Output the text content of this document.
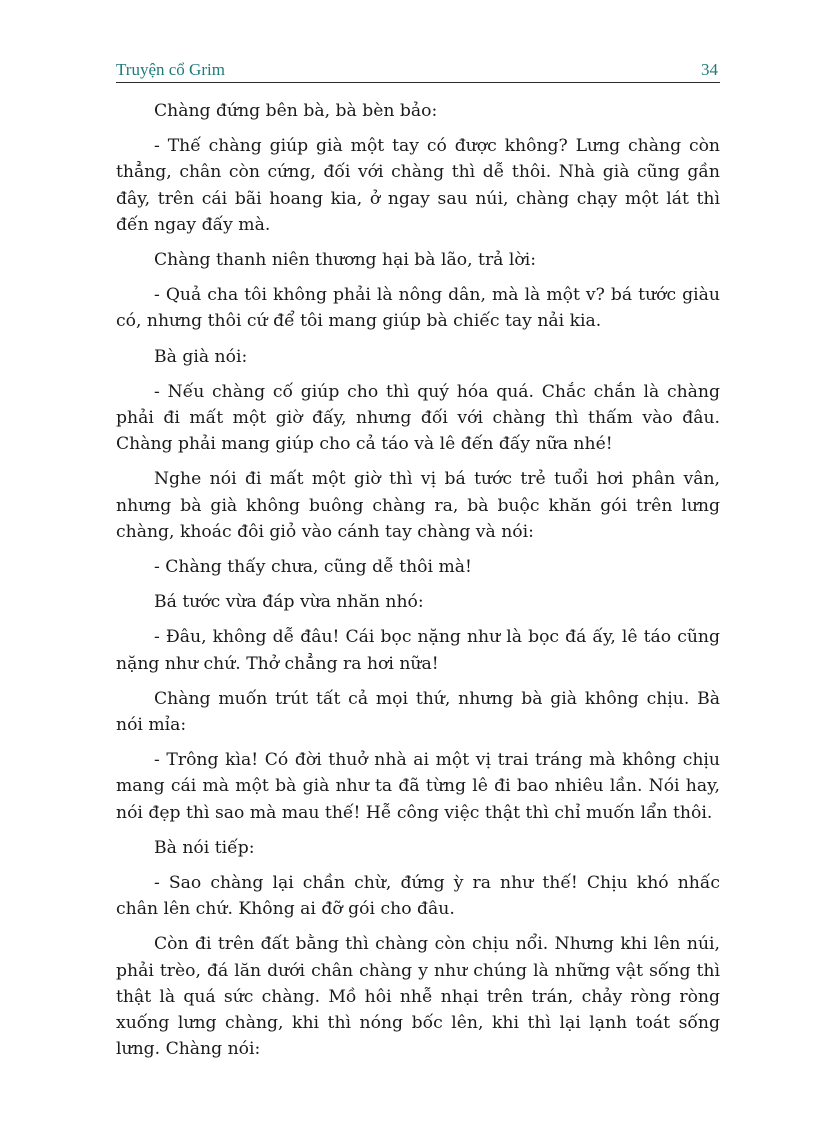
Truyện cổ Grim	34

Chàng đứng bên bà, bà bèn bảo:

- Thế chàng giúp già một tay có được không? Lưng chàng còn thẳng, chân còn cứng, đối với chàng thì dễ thôi. Nhà già cũng gần đây, trên cái bãi hoang kia, ở ngay sau núi, chàng chạy một lát thì đến ngay đấy mà.

Chàng thanh niên thương hại bà lão, trả lời:

- Quả cha tôi không phải là nông dân, mà là một v? bá tước giàu có, nhưng thôi cứ để tôi mang giúp bà chiếc tay nải kia.

Bà già nói:

- Nếu chàng cố giúp cho thì quý hóa quá. Chắc chắn là chàng phải đi mất một giờ đấy, nhưng đối với chàng thì thấm vào đâu. Chàng phải mang giúp cho cả táo và lê đến đấy nữa nhé!

Nghe nói đi mất một giờ thì vị bá tước trẻ tuổi hơi phân vân, nhưng bà già không buông chàng ra, bà buộc khăn gói trên lưng chàng, khoác đôi giỏ vào cánh tay chàng và nói:

- Chàng thấy chưa, cũng dễ thôi mà!

Bá tước vừa đáp vừa nhăn nhó:

- Đâu, không dễ đâu! Cái bọc nặng như là bọc đá ấy, lê táo cũng nặng như chứ. Thở chẳng ra hơi nữa!

Chàng muốn trút tất cả mọi thứ, nhưng bà già không chịu. Bà nói mỉa:

- Trông kìa! Có đời thuở nhà ai một vị trai tráng mà không chịu mang cái mà một bà già như ta đã từng lê đi bao nhiêu lần. Nói hay, nói đẹp thì sao mà mau thế! Hễ công việc thật thì chỉ muốn lẩn thôi.

Bà nói tiếp:

- Sao chàng lại chần chừ, đứng ỳ ra như thế! Chịu khó nhấc chân lên chứ. Không ai đỡ gói cho đâu.

Còn đi trên đất bằng thì chàng còn chịu nổi. Nhưng khi lên núi, phải trèo, đá lăn dưới chân chàng y như chúng là những vật sống thì thật là quá sức chàng. Mồ hôi nhễ nhại trên trán, chảy ròng ròng xuống lưng chàng, khi thì nóng bốc lên, khi thì lại lạnh toát sống lưng. Chàng nói:
